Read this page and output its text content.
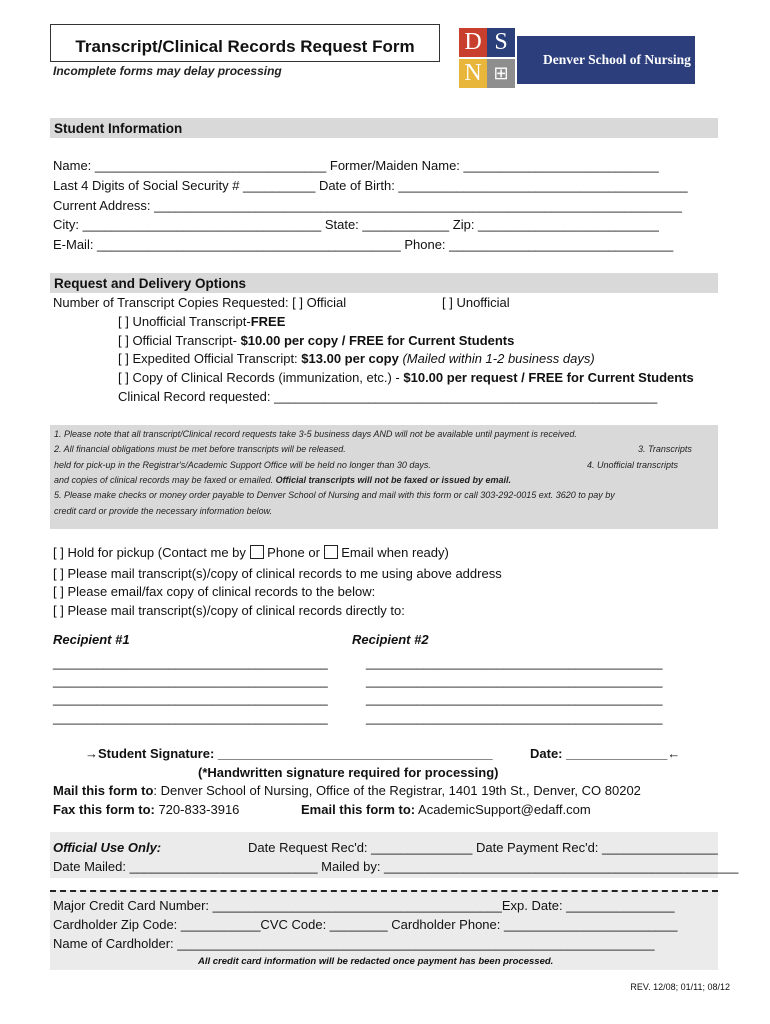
Transcript/Clinical Records Request Form
Incomplete forms may delay processing
D S
N ⊞
Denver School of Nursing
Student Information
Name: ________________________________ Former/Maiden Name: ___________________________
Last 4 Digits of Social Security # __________ Date of Birth: ________________________________________
Current Address: _________________________________________________________________________
City: _________________________________ State: ____________ Zip: _________________________
E-Mail: __________________________________________ Phone: _______________________________
Request and Delivery Options
Number of Transcript Copies Requested: [ ] Official	[ ] Unofficial
[ ] Unofficial Transcript-FREE
[ ] Official Transcript- $10.00 per copy / FREE for Current Students
[ ] Expedited Official Transcript: $13.00 per copy (Mailed within 1-2 business days)
[ ] Copy of Clinical Records (immunization, etc.) - $10.00 per request / FREE for Current Students
Clinical Record requested: _____________________________________________________
1. Please note that all transcript/Clinical record requests take 3-5 business days AND will not be available until payment is received.
2. All financial obligations must be met before transcripts will be released.	3. Transcripts
held for pick-up in the Registrar's/Academic Support Office will be held no longer than 30 days.	4. Unofficial transcripts
and copies of clinical records may be faxed or emailed. Official transcripts will not be faxed or issued by email.
5. Please make checks or money order payable to Denver School of Nursing and mail with this form or call 303-292-0015 ext. 3620 to pay by
credit card or provide the necessary information below.
[ ] Hold for pickup (Contact me by Phone or Email when ready)
[ ] Please mail transcript(s)/copy of clinical records to me using above address
[ ] Please email/fax copy of clinical records to the below:
[ ] Please mail transcript(s)/copy of clinical records directly to:
Recipient #1	Recipient #2
______________________________________
______________________________________
______________________________________
______________________________________
_________________________________________
_________________________________________
_________________________________________
_________________________________________
→Student Signature: ______________________________________	Date: ______________←
(*Handwritten signature required for processing)
Mail this form to: Denver School of Nursing, Office of the Registrar, 1401 19th St., Denver, CO 80202
Fax this form to: 720-833-3916	Email this form to: AcademicSupport@edaff.com
Official Use Only:	Date Request Rec'd: ______________ Date Payment Rec'd: ________________
Date Mailed: __________________________ Mailed by: _________________________________________________
Major Credit Card Number: ________________________________________Exp. Date: _______________
Cardholder Zip Code: ___________CVC Code: ________ Cardholder Phone: ________________________
Name of Cardholder: __________________________________________________________________
All credit card information will be redacted once payment has been processed.
REV. 12/08; 01/11; 08/12
